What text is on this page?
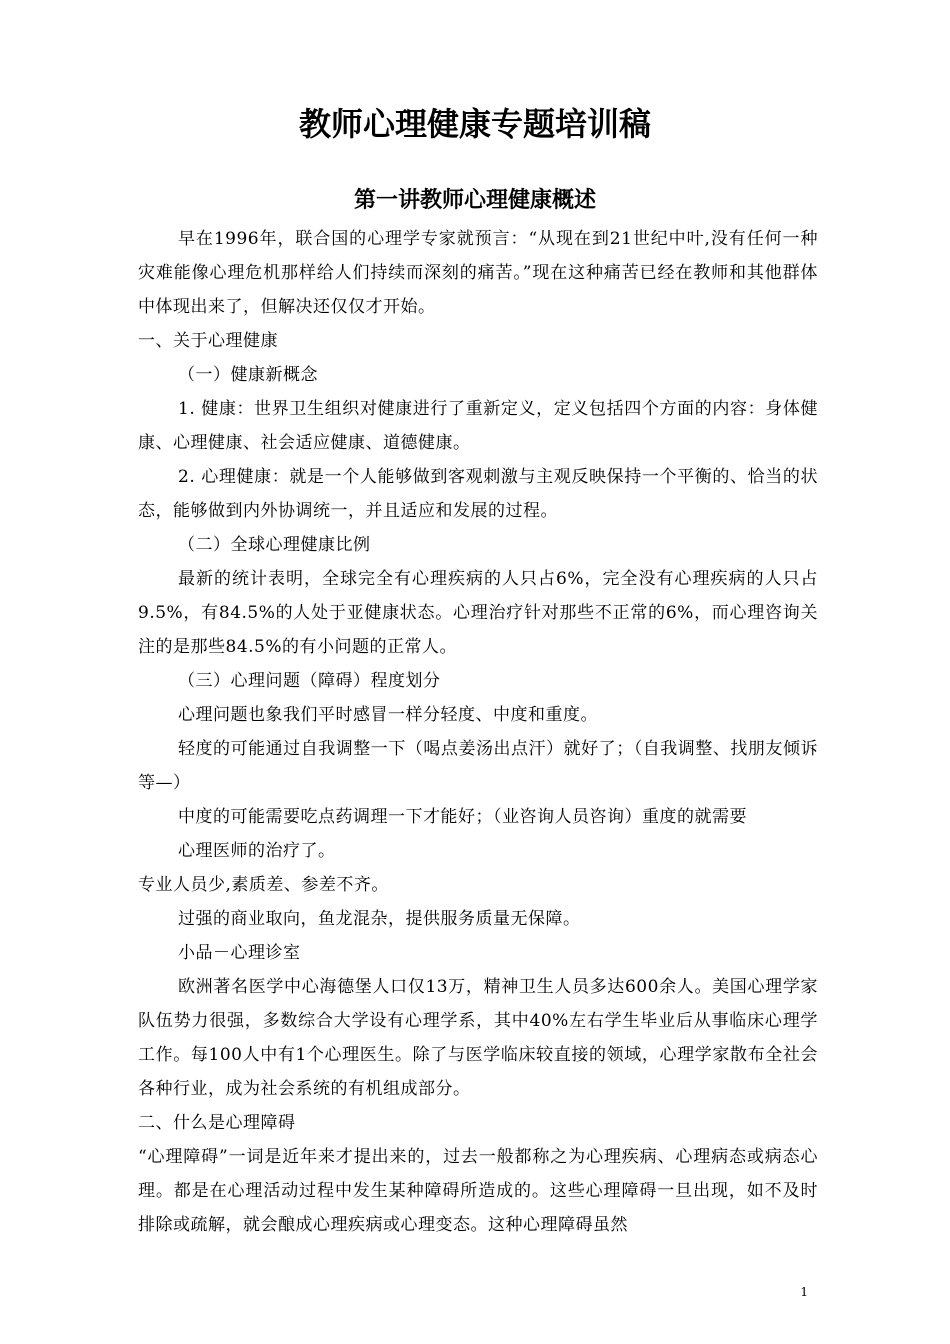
教师心理健康专题培训稿
第一讲教师心理健康概述

早在1996年，联合国的心理学专家就预言：“从现在到21世纪中叶,没有任何一种灾难能像心理危机那样给人们持续而深刻的痛苦。”现在这种痛苦已经在教师和其他群体中体现出来了，但解决还仅仅才开始。

一、关于心理健康

（一）健康新概念

1. 健康：世界卫生组织对健康进行了重新定义，定义包括四个方面的内容：身体健康、心理健康、社会适应健康、道德健康。

2. 心理健康：就是一个人能够做到客观刺激与主观反映保持一个平衡的、恰当的状态，能够做到内外协调统一，并且适应和发展的过程。

（二）全球心理健康比例

最新的统计表明，全球完全有心理疾病的人只占6%，完全没有心理疾病的人只占9.5%，有84.5%的人处于亚健康状态。心理治疗针对那些不正常的6%，而心理咨询关注的是那些84.5%的有小问题的正常人。

（三）心理问题（障碍）程度划分

心理问题也象我们平时感冒一样分轻度、中度和重度。

轻度的可能通过自我调整一下（喝点姜汤出点汗）就好了；（自我调整、找朋友倾诉等—）

中度的可能需要吃点药调理一下才能好；（业咨询人员咨询）重度的就需要

心理医师的治疗了。

专业人员少,素质差、参差不齐。

过强的商业取向，鱼龙混杂，提供服务质量无保障。

小品－心理诊室

欧洲著名医学中心海德堡人口仅13万，精神卫生人员多达600余人。美国心理学家队伍势力很强，多数综合大学设有心理学系，其中40%左右学生毕业后从事临床心理学工作。每100人中有1个心理医生。除了与医学临床较直接的领域，心理学家散布全社会各种行业，成为社会系统的有机组成部分。

二、什么是心理障碍

“心理障碍”一词是近年来才提出来的，过去一般都称之为心理疾病、心理病态或病态心理。都是在心理活动过程中发生某种障碍所造成的。这些心理障碍一旦出现，如不及时排除或疏解，就会酿成心理疾病或心理变态。这种心理障碍虽然

1
